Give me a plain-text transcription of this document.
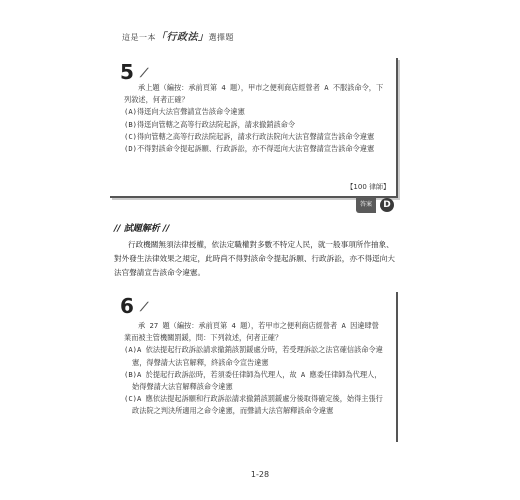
這是一本「行政法」選擇題
5 ⟋

承上題（編按：承前頁第 4 題），甲市之便利商店經營者 A 不服該命令，下列敘述，何者正確？

(A)得逕向大法官聲請宣告該命令違憲

(B)得逕向管轄之高等行政法院起訴，請求撤銷該命令

(C)得向管轄之高等行政法院起訴，請求行政法院向大法官聲請宣告該命令違憲

(D)不得對該命令提起訴願、行政訴訟，亦不得逕向大法官聲請宣告該命令違憲

【100 律師】
答案	D
// 試題解析 //
行政機關無須法律授權，依法定職權對多數不特定人民，就一般事項所作抽象、對外發生法律效果之規定，此時尚不得對該命令提起訴願、行政訴訟，亦不得逕向大法官聲請宣告該命令違憲。
6 ⟋

承 27 題（編按：承前頁第 4 題），若甲市之便利商店經營者 A 因違肆營業而被主管機關罰鍰，問：下列敘述，何者正確？

(A)A 依法提起行政訴訟請求撤銷該罰鍰處分時，若受理訴訟之法官確信該命令違憲，得聲請大法官解釋，終該命令宣告違憲

(B)A 於提起行政訴訟時，若須委任律師為代理人，故 A 應委任律師為代理人，始得聲請大法官解釋該命令違憲

(C)A 應依法提起訴願和行政訴訟請求撤銷該罰鍰處分後取得確定後，始得主張行政法院之判決所適用之命令違憲，而聲請大法官解釋該命令違憲

1-28
